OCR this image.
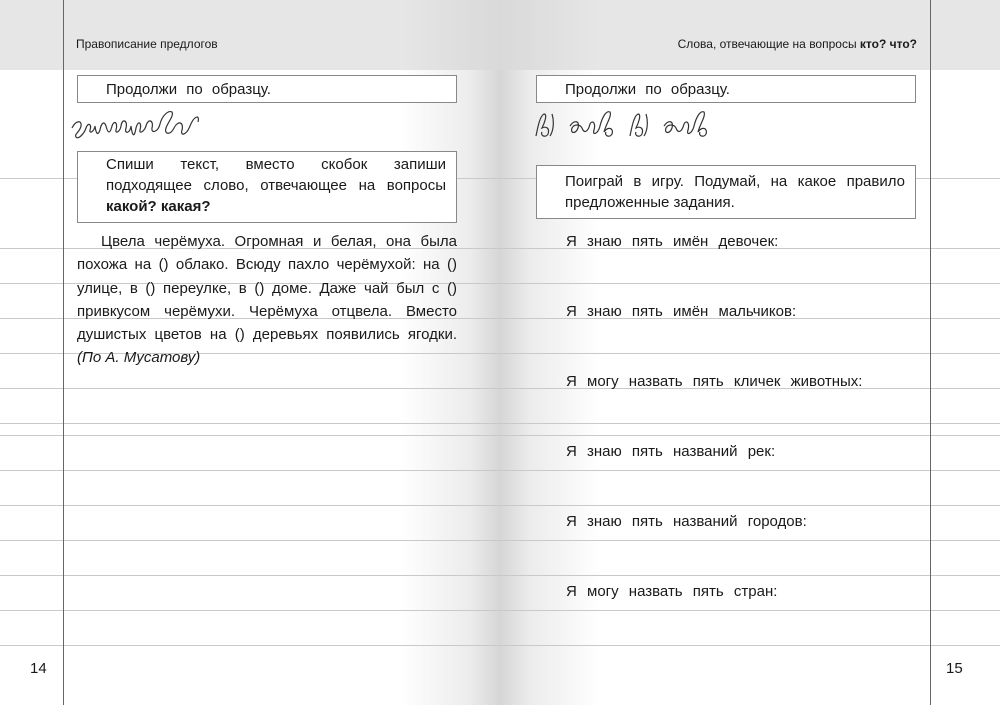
Правописание предлогов
Продолжи по образцу.
Спиши текст, вместо скобок запиши подходящее слово, отвечающее на вопросы какой? какая?
Цвела черёмуха. Огромная и белая, она была похожа на () облако. Всюду пахло черёмухой: на () улице, в () переулке, в () доме. Даже чай был с () привкусом черёмухи. Черёмуха отцвела. Вместо душистых цветов на () деревьях появились ягодки. (По А. Мусатову)
14
Слова, отвечающие на вопросы кто? что?
Продолжи по образцу.
Поиграй в игру. Подумай, на какое правило предложенные задания.
Я знаю пять имён девочек:
Я знаю пять имён мальчиков:
Я могу назвать пять кличек животных:
Я знаю пять названий рек:
Я знаю пять названий городов:
Я могу назвать пять стран:
15
